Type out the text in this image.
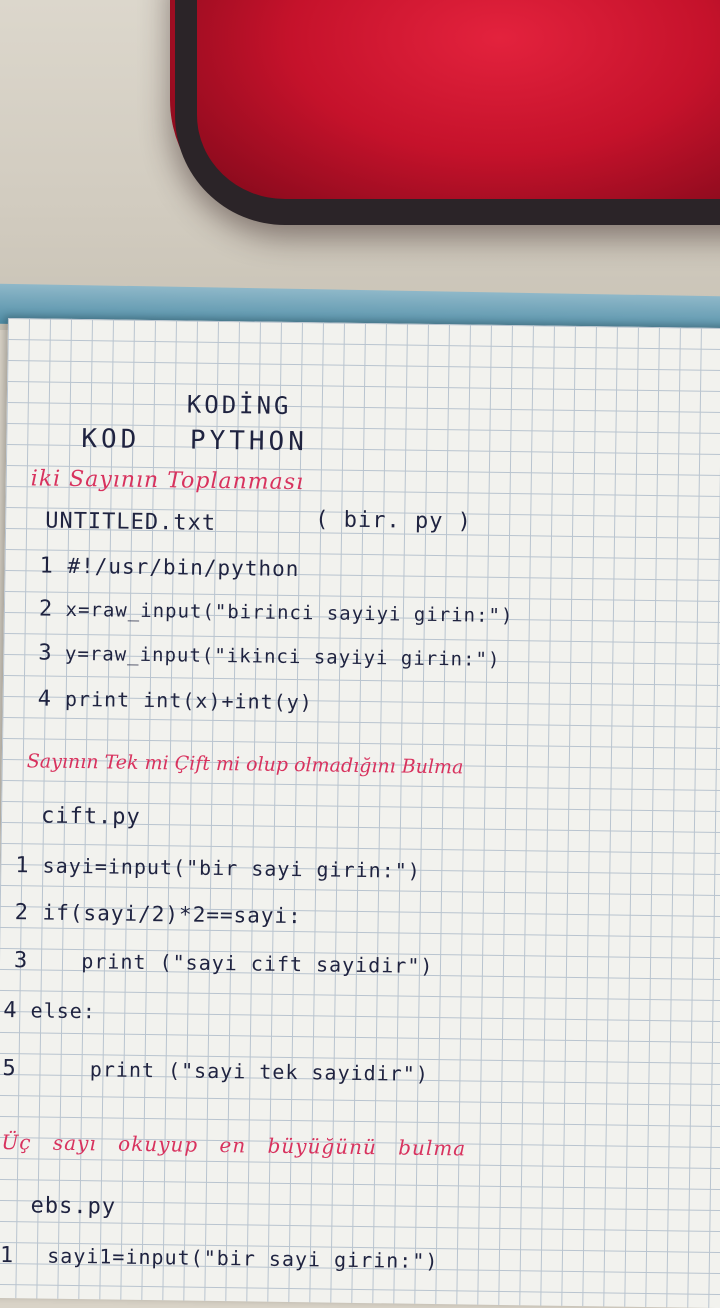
KODİNG
KOD PYTHON
iki Sayının Toplanması
UNTITLED.txt	( bir. py )
1 #!/usr/bin/python
2 x=raw_input("birinci sayiyi girin:")
3 y=raw_input("ikinci sayiyi girin:")
4 print int(x)+int(y)
Sayının Tek mi Çift mi olup olmadığını Bulma
cift.py
1 sayi=input("bir sayi girin:")
2 if(sayi/2)*2==sayi:
3	print ("sayi cift sayidir")
4 else:
5	print ("sayi tek sayidir")
Üç sayı okuyup en büyüğünü bulma
ebs.py
1 sayi1=input("bir sayi girin:")
